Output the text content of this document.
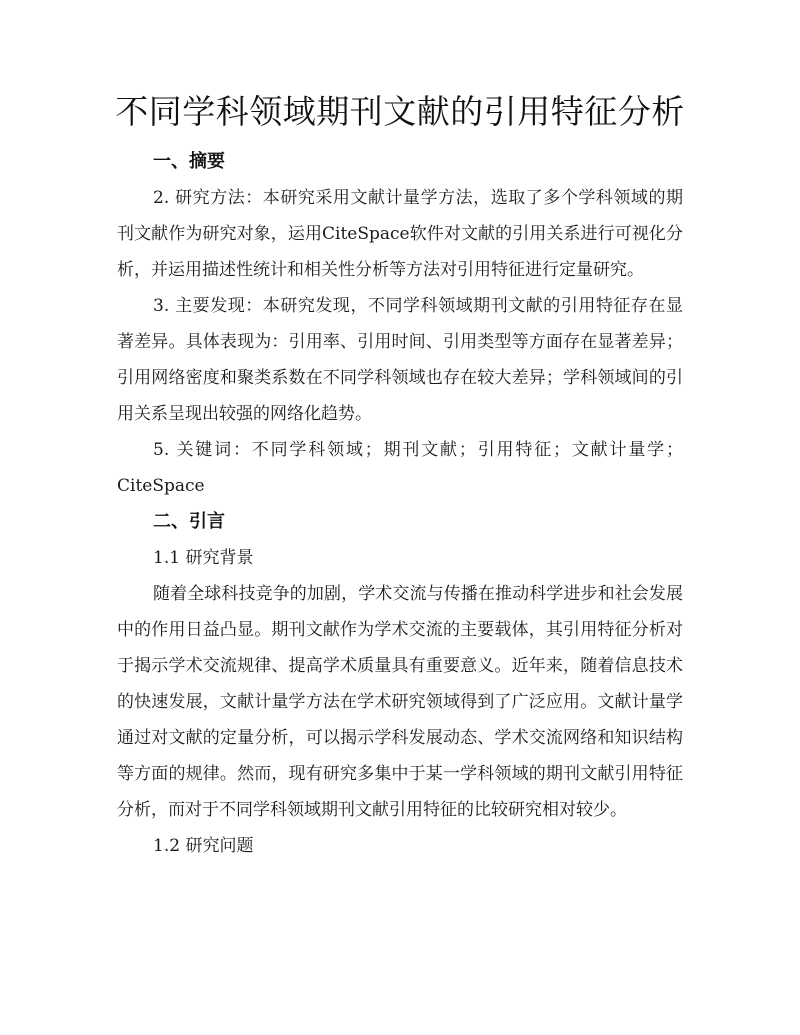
不同学科领域期刊文献的引用特征分析

一、摘要

2. 研究方法：本研究采用文献计量学方法，选取了多个学科领域的期刊文献作为研究对象，运用CiteSpace软件对文献的引用关系进行可视化分析，并运用描述性统计和相关性分析等方法对引用特征进行定量研究。

3. 主要发现：本研究发现，不同学科领域期刊文献的引用特征存在显著差异。具体表现为：引用率、引用时间、引用类型等方面存在显著差异；引用网络密度和聚类系数在不同学科领域也存在较大差异；学科领域间的引用关系呈现出较强的网络化趋势。

5. 关键词：不同学科领域；期刊文献；引用特征；文献计量学；CiteSpace

二、引言

1.1 研究背景

随着全球科技竞争的加剧，学术交流与传播在推动科学进步和社会发展中的作用日益凸显。期刊文献作为学术交流的主要载体，其引用特征分析对于揭示学术交流规律、提高学术质量具有重要意义。近年来，随着信息技术的快速发展，文献计量学方法在学术研究领域得到了广泛应用。文献计量学通过对文献的定量分析，可以揭示学科发展动态、学术交流网络和知识结构等方面的规律。然而，现有研究多集中于某一学科领域的期刊文献引用特征分析，而对于不同学科领域期刊文献引用特征的比较研究相对较少。

1.2 研究问题
